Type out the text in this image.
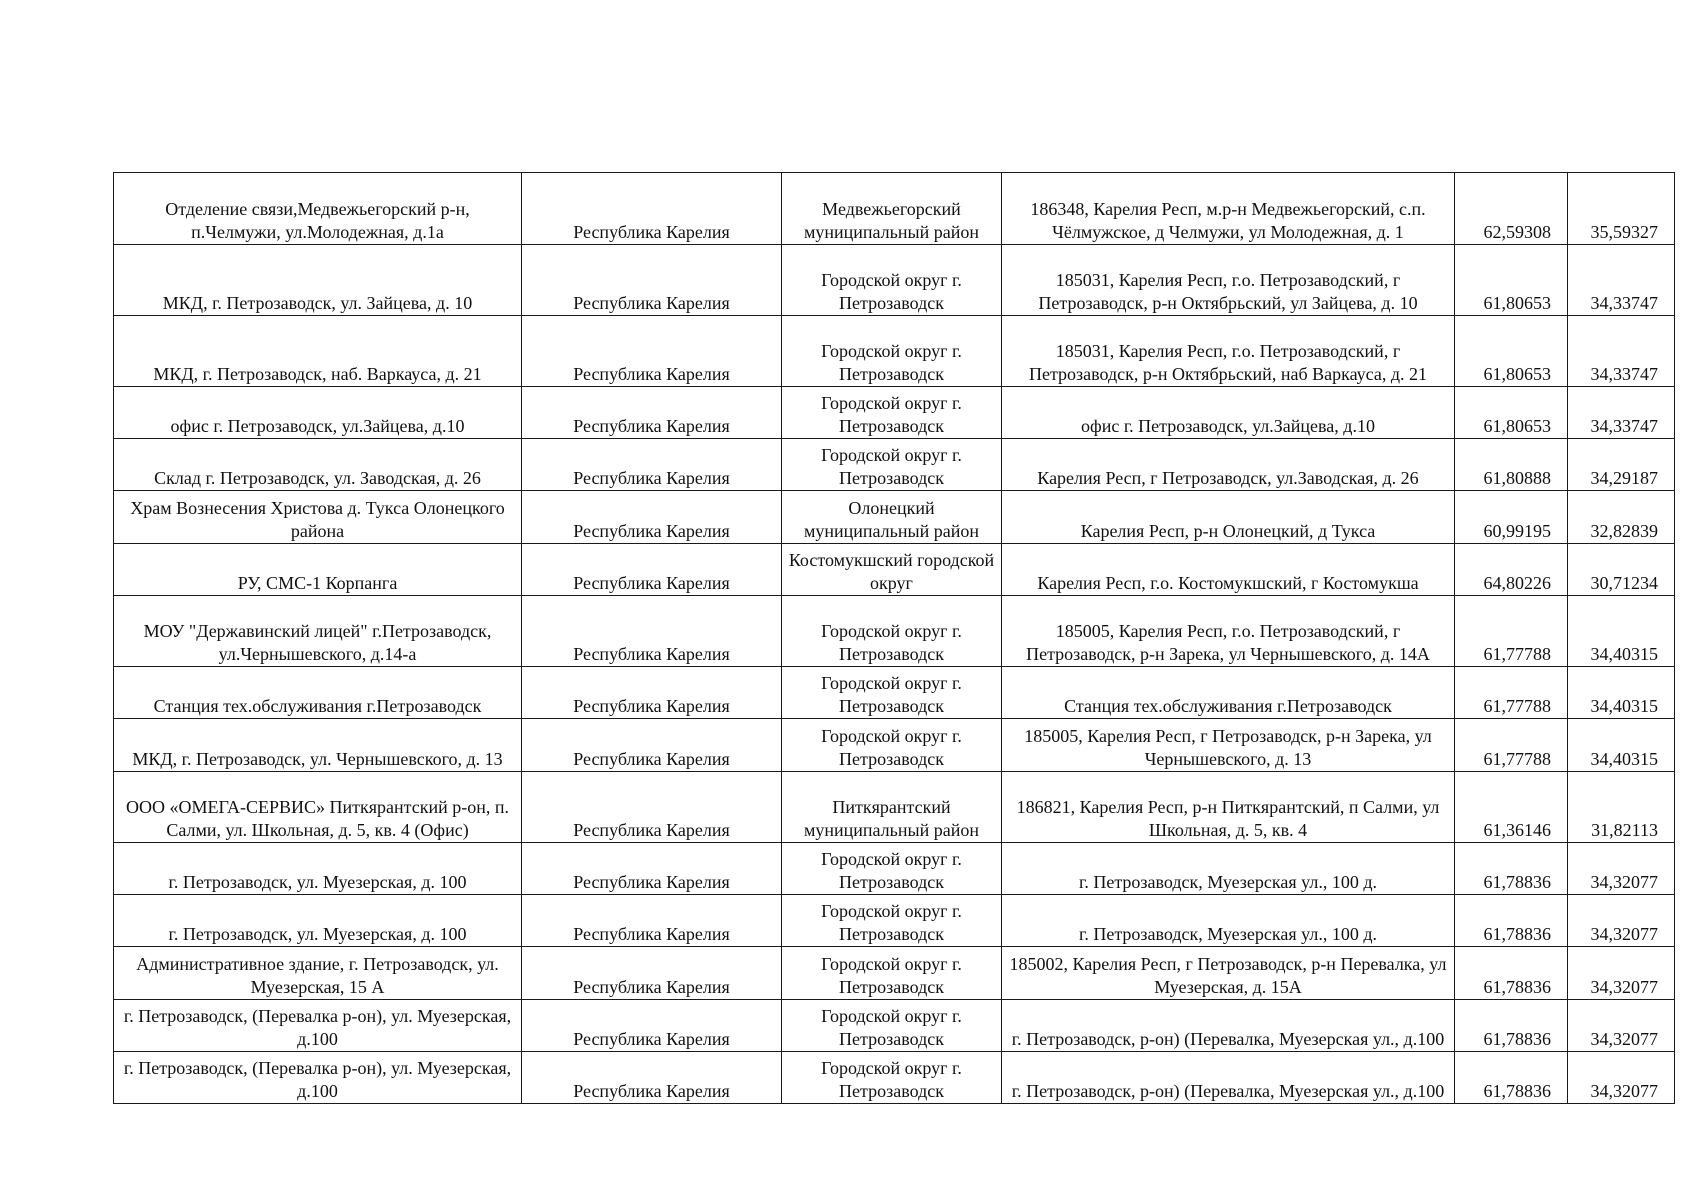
Отделение связи,Медвежьегорский р-н, п.Челмужи, ул.Молодежная, д.1а	Республика Карелия	Медвежьегорский муниципальный район	186348, Карелия Респ, м.р-н Медвежьегорский, с.п. Чёлмужское, д Челмужи, ул Молодежная, д. 1	62,59308	35,59327
МКД, г. Петрозаводск, ул. Зайцева, д. 10	Республика Карелия	Городской округ г. Петрозаводск	185031, Карелия Респ, г.о. Петрозаводский, г Петрозаводск, р-н Октябрьский, ул Зайцева, д. 10	61,80653	34,33747
МКД, г. Петрозаводск, наб. Варкауса, д. 21	Республика Карелия	Городской округ г. Петрозаводск	185031, Карелия Респ, г.о. Петрозаводский, г Петрозаводск, р-н Октябрьский, наб Варкауса, д. 21	61,80653	34,33747
офис г. Петрозаводск, ул.Зайцева, д.10	Республика Карелия	Городской округ г. Петрозаводск	офис г. Петрозаводск, ул.Зайцева, д.10	61,80653	34,33747
Склад г. Петрозаводск, ул. Заводская, д. 26	Республика Карелия	Городской округ г. Петрозаводск	Карелия Респ, г Петрозаводск, ул.Заводская, д. 26	61,80888	34,29187
Храм Вознесения Христова д. Тукса Олонецкого района	Республика Карелия	Олонецкий муниципальный район	Карелия Респ, р-н Олонецкий, д Тукса	60,99195	32,82839
РУ, СМС-1 Корпанга	Республика Карелия	Костомукшский городской округ	Карелия Респ, г.о. Костомукшский, г Костомукша	64,80226	30,71234
МОУ "Державинский лицей" г.Петрозаводск, ул.Чернышевского, д.14-а	Республика Карелия	Городской округ г. Петрозаводск	185005, Карелия Респ, г.о. Петрозаводский, г Петрозаводск, р-н Зарека, ул Чернышевского, д. 14А	61,77788	34,40315
Станция тех.обслуживания г.Петрозаводск	Республика Карелия	Городской округ г. Петрозаводск	Станция тех.обслуживания г.Петрозаводск	61,77788	34,40315
МКД, г. Петрозаводск, ул. Чернышевского, д. 13	Республика Карелия	Городской округ г. Петрозаводск	185005, Карелия Респ, г Петрозаводск, р-н Зарека, ул Чернышевского, д. 13	61,77788	34,40315
ООО «ОМЕГА-СЕРВИС» Питкярантский р-он, п. Салми, ул. Школьная, д. 5, кв. 4 (Офис)	Республика Карелия	Питкярантский муниципальный район	186821, Карелия Респ, р-н Питкярантский, п Салми, ул Школьная, д. 5, кв. 4	61,36146	31,82113
г. Петрозаводск, ул. Муезерская, д. 100	Республика Карелия	Городской округ г. Петрозаводск	г. Петрозаводск, Муезерская ул., 100 д.	61,78836	34,32077
г. Петрозаводск, ул. Муезерская, д. 100	Республика Карелия	Городской округ г. Петрозаводск	г. Петрозаводск, Муезерская ул., 100 д.	61,78836	34,32077
Административное здание, г. Петрозаводск, ул. Муезерская, 15 А	Республика Карелия	Городской округ г. Петрозаводск	185002, Карелия Респ, г Петрозаводск, р-н Перевалка, ул Муезерская, д. 15А	61,78836	34,32077
г. Петрозаводск, (Перевалка р-он), ул. Муезерская, д.100	Республика Карелия	Городской округ г. Петрозаводск	г. Петрозаводск, р-он) (Перевалка, Муезерская ул., д.100	61,78836	34,32077
г. Петрозаводск, (Перевалка р-он), ул. Муезерская, д.100	Республика Карелия	Городской округ г. Петрозаводск	г. Петрозаводск, р-он) (Перевалка, Муезерская ул., д.100	61,78836	34,32077
